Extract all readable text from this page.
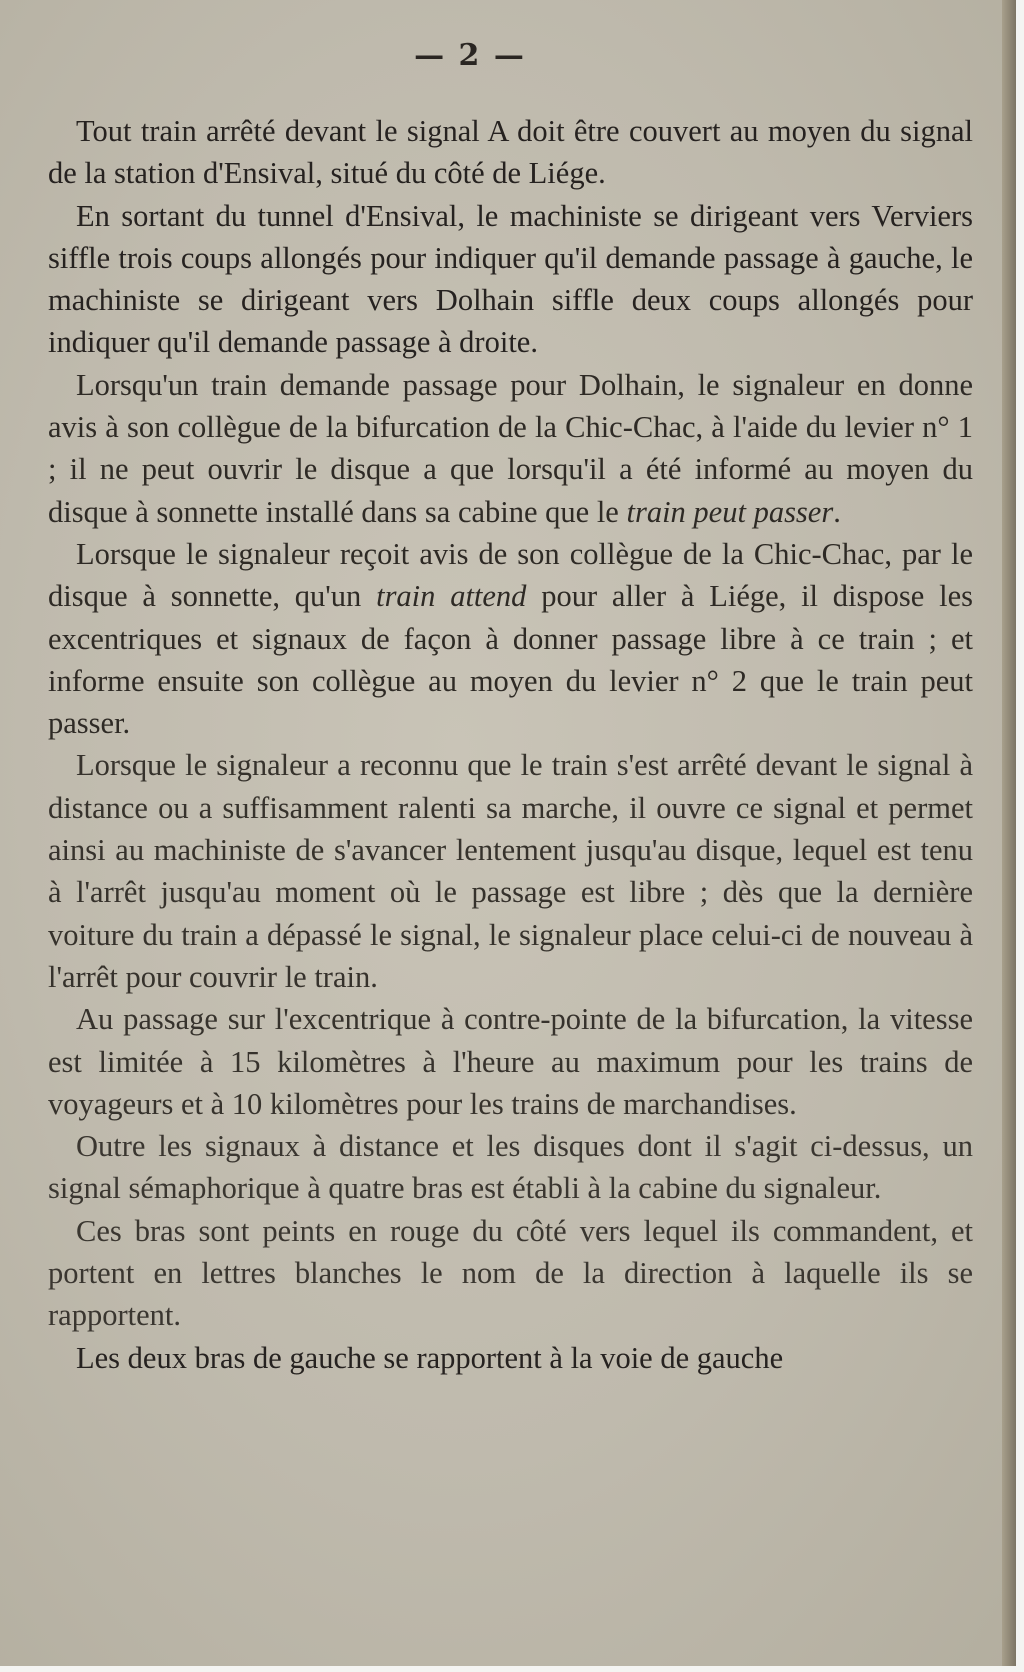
— 2 —

Tout train arrêté devant le signal A doit être couvert au moyen du signal de la station d'Ensival, situé du côté de Liége.

En sortant du tunnel d'Ensival, le machiniste se dirigeant vers Verviers siffle trois coups allongés pour indiquer qu'il demande passage à gauche, le machiniste se dirigeant vers Dolhain siffle deux coups allongés pour indiquer qu'il demande passage à droite.

Lorsqu'un train demande passage pour Dolhain, le signaleur en donne avis à son collègue de la bifurcation de la Chic-Chac, à l'aide du levier n° 1 ; il ne peut ouvrir le disque a que lorsqu'il a été informé au moyen du disque à sonnette installé dans sa cabine que le train peut passer.

Lorsque le signaleur reçoit avis de son collègue de la Chic-Chac, par le disque à sonnette, qu'un train attend pour aller à Liége, il dispose les excentriques et signaux de façon à donner passage libre à ce train ; et informe ensuite son collègue au moyen du levier n° 2 que le train peut passer.

Lorsque le signaleur a reconnu que le train s'est arrêté devant le signal à distance ou a suffisamment ralenti sa marche, il ouvre ce signal et permet ainsi au machiniste de s'avancer lentement jusqu'au disque, lequel est tenu à l'arrêt jusqu'au moment où le passage est libre ; dès que la dernière voiture du train a dépassé le signal, le signaleur place celui-ci de nouveau à l'arrêt pour couvrir le train.

Au passage sur l'excentrique à contre-pointe de la bifurcation, la vitesse est limitée à 15 kilomètres à l'heure au maximum pour les trains de voyageurs et à 10 kilomètres pour les trains de marchandises.

Outre les signaux à distance et les disques dont il s'agit ci-dessus, un signal sémaphorique à quatre bras est établi à la cabine du signaleur.

Ces bras sont peints en rouge du côté vers lequel ils commandent, et portent en lettres blanches le nom de la direction à laquelle ils se rapportent.

Les deux bras de gauche se rapportent à la voie de gauche
